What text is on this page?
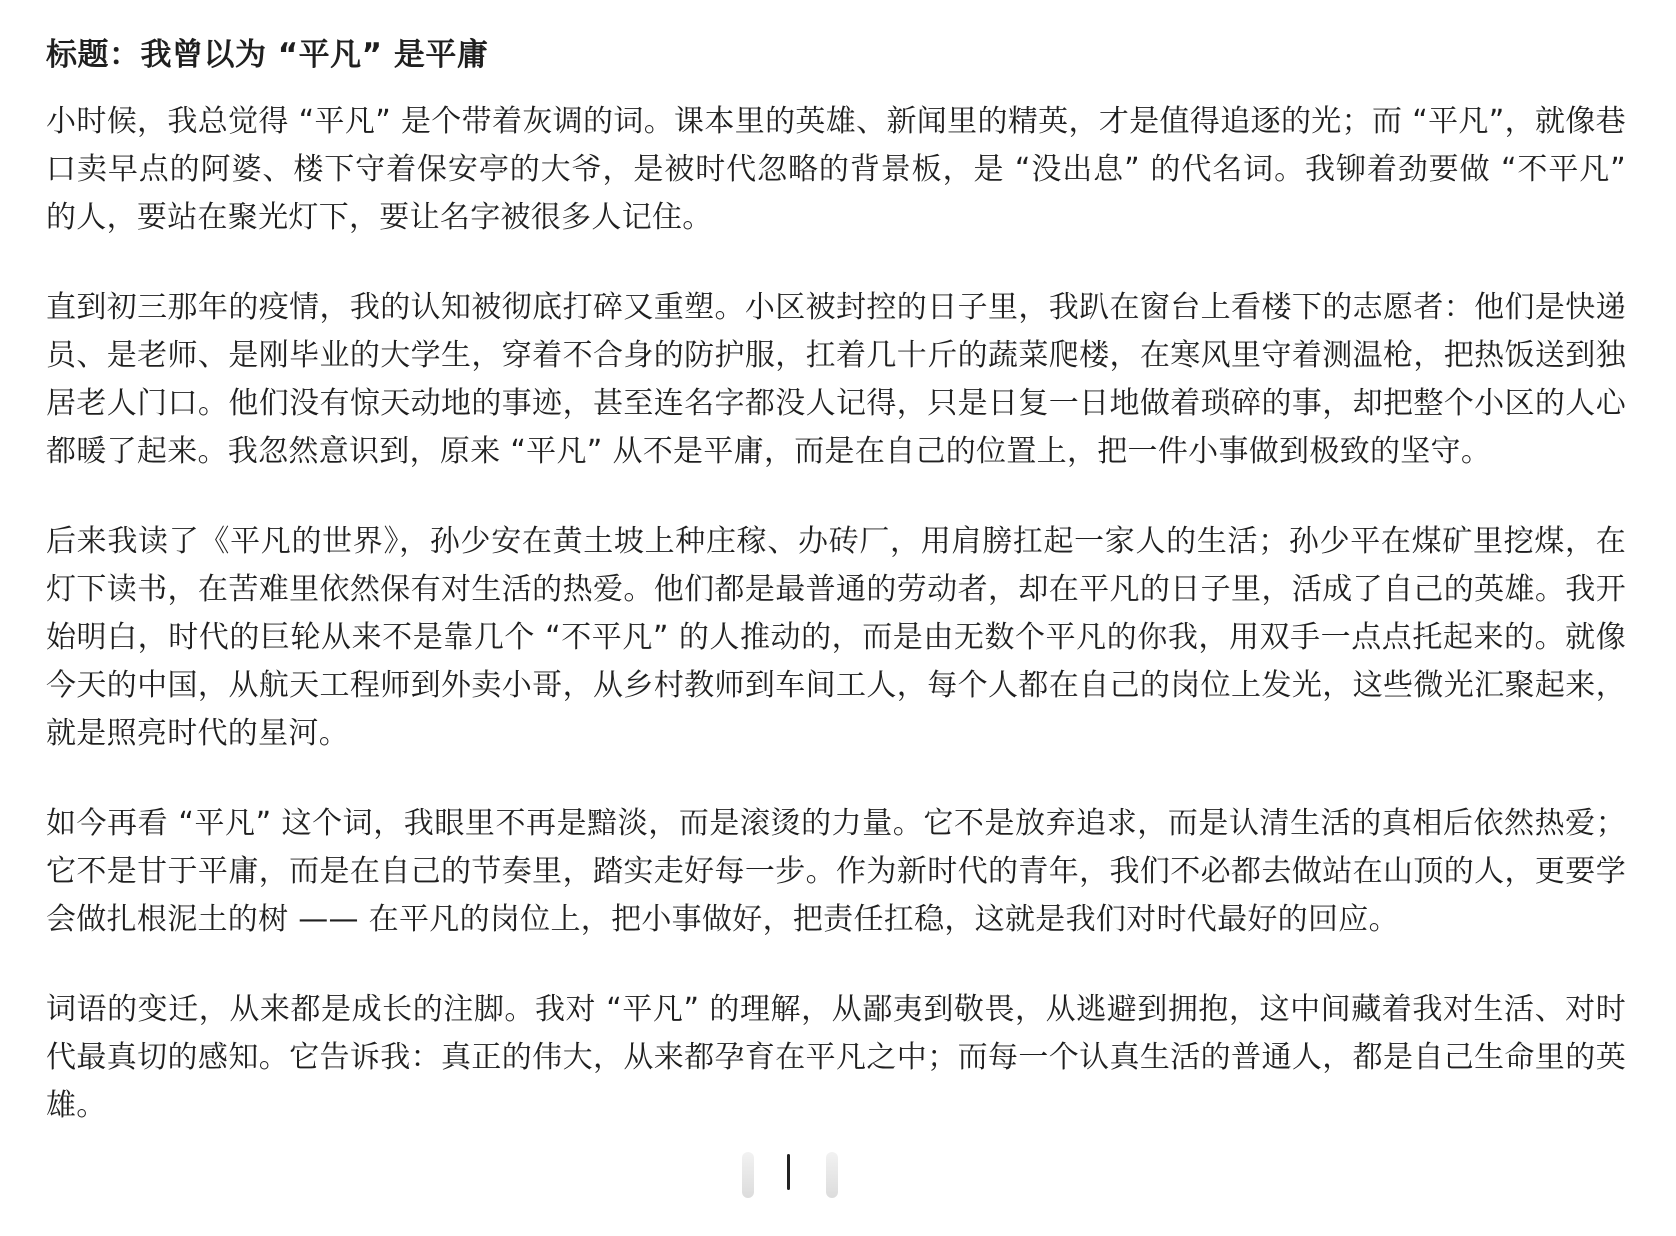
标题：我曾以为 “平凡” 是平庸

小时候，我总觉得 “平凡” 是个带着灰调的词。课本里的英雄、新闻里的精英，才是值得追逐的光；而 “平凡”，就像巷口卖早点的阿婆、楼下守着保安亭的大爷，是被时代忽略的背景板，是 “没出息” 的代名词。我铆着劲要做 “不平凡” 的人，要站在聚光灯下，要让名字被很多人记住。

直到初三那年的疫情，我的认知被彻底打碎又重塑。小区被封控的日子里，我趴在窗台上看楼下的志愿者：他们是快递员、是老师、是刚毕业的大学生，穿着不合身的防护服，扛着几十斤的蔬菜爬楼，在寒风里守着测温枪，把热饭送到独居老人门口。他们没有惊天动地的事迹，甚至连名字都没人记得，只是日复一日地做着琐碎的事，却把整个小区的人心都暖了起来。我忽然意识到，原来 “平凡” 从不是平庸，而是在自己的位置上，把一件小事做到极致的坚守。

后来我读了《平凡的世界》，孙少安在黄土坡上种庄稼、办砖厂，用肩膀扛起一家人的生活；孙少平在煤矿里挖煤，在灯下读书，在苦难里依然保有对生活的热爱。他们都是最普通的劳动者，却在平凡的日子里，活成了自己的英雄。我开始明白，时代的巨轮从来不是靠几个 “不平凡” 的人推动的，而是由无数个平凡的你我，用双手一点点托起来的。就像今天的中国，从航天工程师到外卖小哥，从乡村教师到车间工人，每个人都在自己的岗位上发光，这些微光汇聚起来，就是照亮时代的星河。

如今再看 “平凡” 这个词，我眼里不再是黯淡，而是滚烫的力量。它不是放弃追求，而是认清生活的真相后依然热爱；它不是甘于平庸，而是在自己的节奏里，踏实走好每一步。作为新时代的青年，我们不必都去做站在山顶的人，更要学会做扎根泥土的树 —— 在平凡的岗位上，把小事做好，把责任扛稳，这就是我们对时代最好的回应。

词语的变迁，从来都是成长的注脚。我对 “平凡” 的理解，从鄙夷到敬畏，从逃避到拥抱，这中间藏着我对生活、对时代最真切的感知。它告诉我：真正的伟大，从来都孕育在平凡之中；而每一个认真生活的普通人，都是自己生命里的英雄。
